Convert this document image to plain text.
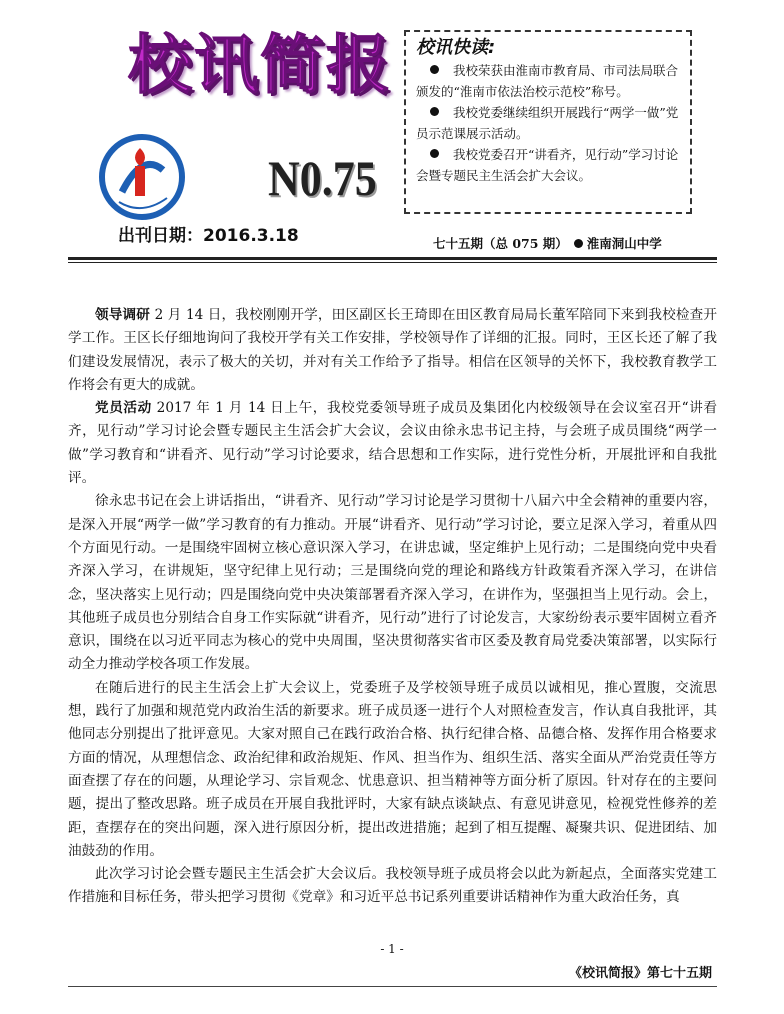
校讯简报
N0.75
出刊日期：2016.3.18
校讯快读:
我校荣获由淮南市教育局、市司法局联合颁发的“淮南市依法治校示范校”称号。
我校党委继续组织开展践行“两学一做”党员示范课展示活动。
我校党委召开“讲看齐，见行动”学习讨论会暨专题民主生活会扩大会议。
七十五期（总 075 期） 淮南洞山中学

领导调研 2 月 14 日，我校刚刚开学，田区副区长王琦即在田区教育局局长董军陪同下来到我校检查开学工作。王区长仔细地询问了我校开学有关工作安排，学校领导作了详细的汇报。同时，王区长还了解了我们建设发展情况，表示了极大的关切，并对有关工作给予了指导。相信在区领导的关怀下，我校教育教学工作将会有更大的成就。

党员活动 2017 年 1 月 14 日上午，我校党委领导班子成员及集团化内校级领导在会议室召开“讲看齐，见行动”学习讨论会暨专题民主生活会扩大会议，会议由徐永忠书记主持，与会班子成员围绕“两学一做”学习教育和“讲看齐、见行动”学习讨论要求，结合思想和工作实际，进行党性分析，开展批评和自我批评。

徐永忠书记在会上讲话指出，“讲看齐、见行动”学习讨论是学习贯彻十八届六中全会精神的重要内容，是深入开展“两学一做”学习教育的有力推动。开展“讲看齐、见行动”学习讨论，要立足深入学习，着重从四个方面见行动。一是围绕牢固树立核心意识深入学习，在讲忠诚，坚定维护上见行动；二是围绕向党中央看齐深入学习，在讲规矩，坚守纪律上见行动；三是围绕向党的理论和路线方针政策看齐深入学习，在讲信念，坚决落实上见行动；四是围绕向党中央决策部署看齐深入学习，在讲作为，坚强担当上见行动。会上，其他班子成员也分别结合自身工作实际就“讲看齐，见行动”进行了讨论发言，大家纷纷表示要牢固树立看齐意识，围绕在以习近平同志为核心的党中央周围，坚决贯彻落实省市区委及教育局党委决策部署，以实际行动全力推动学校各项工作发展。

在随后进行的民主生活会上扩大会议上，党委班子及学校领导班子成员以诚相见，推心置腹，交流思想，践行了加强和规范党内政治生活的新要求。班子成员逐一进行个人对照检查发言，作认真自我批评，其他同志分别提出了批评意见。大家对照自己在践行政治合格、执行纪律合格、品德合格、发挥作用合格要求方面的情况，从理想信念、政治纪律和政治规矩、作风、担当作为、组织生活、落实全面从严治党责任等方面查摆了存在的问题，从理论学习、宗旨观念、忧患意识、担当精神等方面分析了原因。针对存在的主要问题，提出了整改思路。班子成员在开展自我批评时，大家有缺点谈缺点、有意见讲意见，检视党性修养的差距，查摆存在的突出问题，深入进行原因分析，提出改进措施；起到了相互提醒、凝聚共识、促进团结、加油鼓劲的作用。

此次学习讨论会暨专题民主生活会扩大会议后。我校领导班子成员将会以此为新起点，全面落实党建工作措施和目标任务，带头把学习贯彻《党章》和习近平总书记系列重要讲话精神作为重大政治任务，真

- 1 -
《校讯简报》第七十五期
